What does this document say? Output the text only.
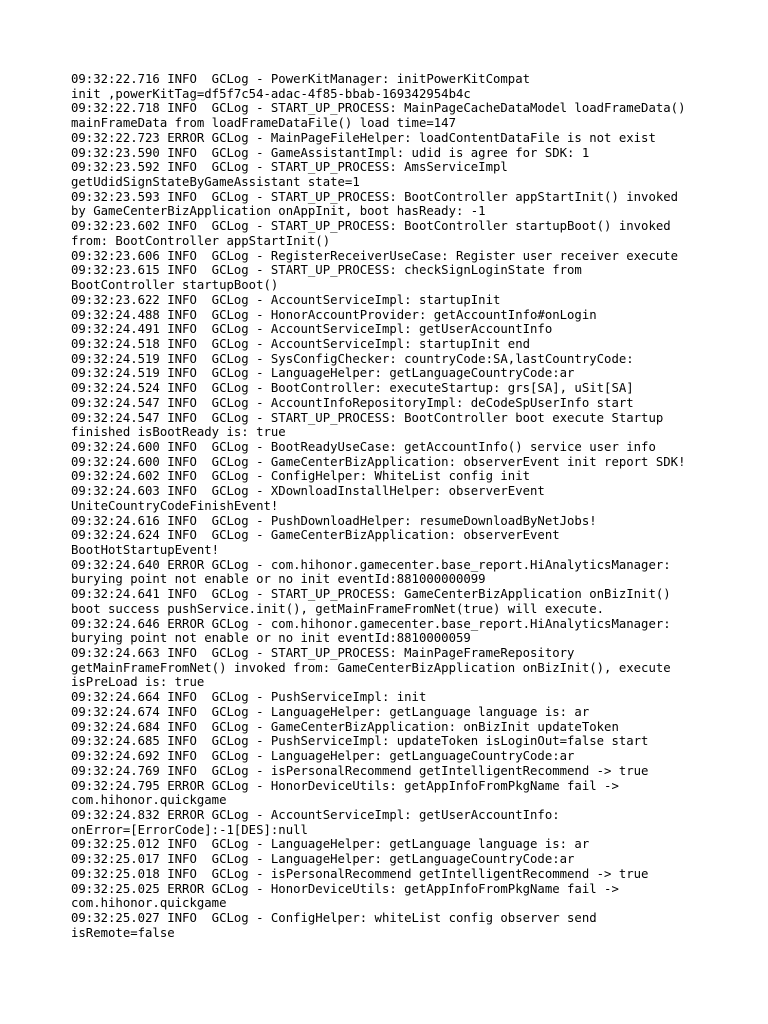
09:32:22.716 INFO  GCLog - PowerKitManager: initPowerKitCompat
init ,powerKitTag=df5f7c54-adac-4f85-bbab-169342954b4c
09:32:22.718 INFO  GCLog - START_UP_PROCESS: MainPageCacheDataModel loadFrameData()
mainFrameData from loadFrameDataFile() load time=147
09:32:22.723 ERROR GCLog - MainPageFileHelper: loadContentDataFile is not exist
09:32:23.590 INFO  GCLog - GameAssistantImpl: udid is agree for SDK: 1
09:32:23.592 INFO  GCLog - START_UP_PROCESS: AmsServiceImpl
getUdidSignStateByGameAssistant state=1
09:32:23.593 INFO  GCLog - START_UP_PROCESS: BootController appStartInit() invoked
by GameCenterBizApplication onAppInit, boot hasReady: -1
09:32:23.602 INFO  GCLog - START_UP_PROCESS: BootController startupBoot() invoked
from: BootController appStartInit()
09:32:23.606 INFO  GCLog - RegisterReceiverUseCase: Register user receiver execute
09:32:23.615 INFO  GCLog - START_UP_PROCESS: checkSignLoginState from
BootController startupBoot()
09:32:23.622 INFO  GCLog - AccountServiceImpl: startupInit
09:32:24.488 INFO  GCLog - HonorAccountProvider: getAccountInfo#onLogin
09:32:24.491 INFO  GCLog - AccountServiceImpl: getUserAccountInfo
09:32:24.518 INFO  GCLog - AccountServiceImpl: startupInit end
09:32:24.519 INFO  GCLog - SysConfigChecker: countryCode:SA,lastCountryCode:
09:32:24.519 INFO  GCLog - LanguageHelper: getLanguageCountryCode:ar
09:32:24.524 INFO  GCLog - BootController: executeStartup: grs[SA], uSit[SA]
09:32:24.547 INFO  GCLog - AccountInfoRepositoryImpl: deCodeSpUserInfo start
09:32:24.547 INFO  GCLog - START_UP_PROCESS: BootController boot execute Startup
finished isBootReady is: true
09:32:24.600 INFO  GCLog - BootReadyUseCase: getAccountInfo() service user info
09:32:24.600 INFO  GCLog - GameCenterBizApplication: observerEvent init report SDK!
09:32:24.602 INFO  GCLog - ConfigHelper: WhiteList config init
09:32:24.603 INFO  GCLog - XDownloadInstallHelper: observerEvent
UniteCountryCodeFinishEvent!
09:32:24.616 INFO  GCLog - PushDownloadHelper: resumeDownloadByNetJobs!
09:32:24.624 INFO  GCLog - GameCenterBizApplication: observerEvent
BootHotStartupEvent!
09:32:24.640 ERROR GCLog - com.hihonor.gamecenter.base_report.HiAnalyticsManager:
burying point not enable or no init eventId:881000000099
09:32:24.641 INFO  GCLog - START_UP_PROCESS: GameCenterBizApplication onBizInit()
boot success pushService.init(), getMainFrameFromNet(true) will execute.
09:32:24.646 ERROR GCLog - com.hihonor.gamecenter.base_report.HiAnalyticsManager:
burying point not enable or no init eventId:8810000059
09:32:24.663 INFO  GCLog - START_UP_PROCESS: MainPageFrameRepository
getMainFrameFromNet() invoked from: GameCenterBizApplication onBizInit(), execute
isPreLoad is: true
09:32:24.664 INFO  GCLog - PushServiceImpl: init
09:32:24.674 INFO  GCLog - LanguageHelper: getLanguage language is: ar
09:32:24.684 INFO  GCLog - GameCenterBizApplication: onBizInit updateToken
09:32:24.685 INFO  GCLog - PushServiceImpl: updateToken isLoginOut=false start
09:32:24.692 INFO  GCLog - LanguageHelper: getLanguageCountryCode:ar
09:32:24.769 INFO  GCLog - isPersonalRecommend getIntelligentRecommend -> true
09:32:24.795 ERROR GCLog - HonorDeviceUtils: getAppInfoFromPkgName fail ->
com.hihonor.quickgame
09:32:24.832 ERROR GCLog - AccountServiceImpl: getUserAccountInfo:
onError=[ErrorCode]:-1[DES]:null
09:32:25.012 INFO  GCLog - LanguageHelper: getLanguage language is: ar
09:32:25.017 INFO  GCLog - LanguageHelper: getLanguageCountryCode:ar
09:32:25.018 INFO  GCLog - isPersonalRecommend getIntelligentRecommend -> true
09:32:25.025 ERROR GCLog - HonorDeviceUtils: getAppInfoFromPkgName fail ->
com.hihonor.quickgame
09:32:25.027 INFO  GCLog - ConfigHelper: whiteList config observer send
isRemote=false
